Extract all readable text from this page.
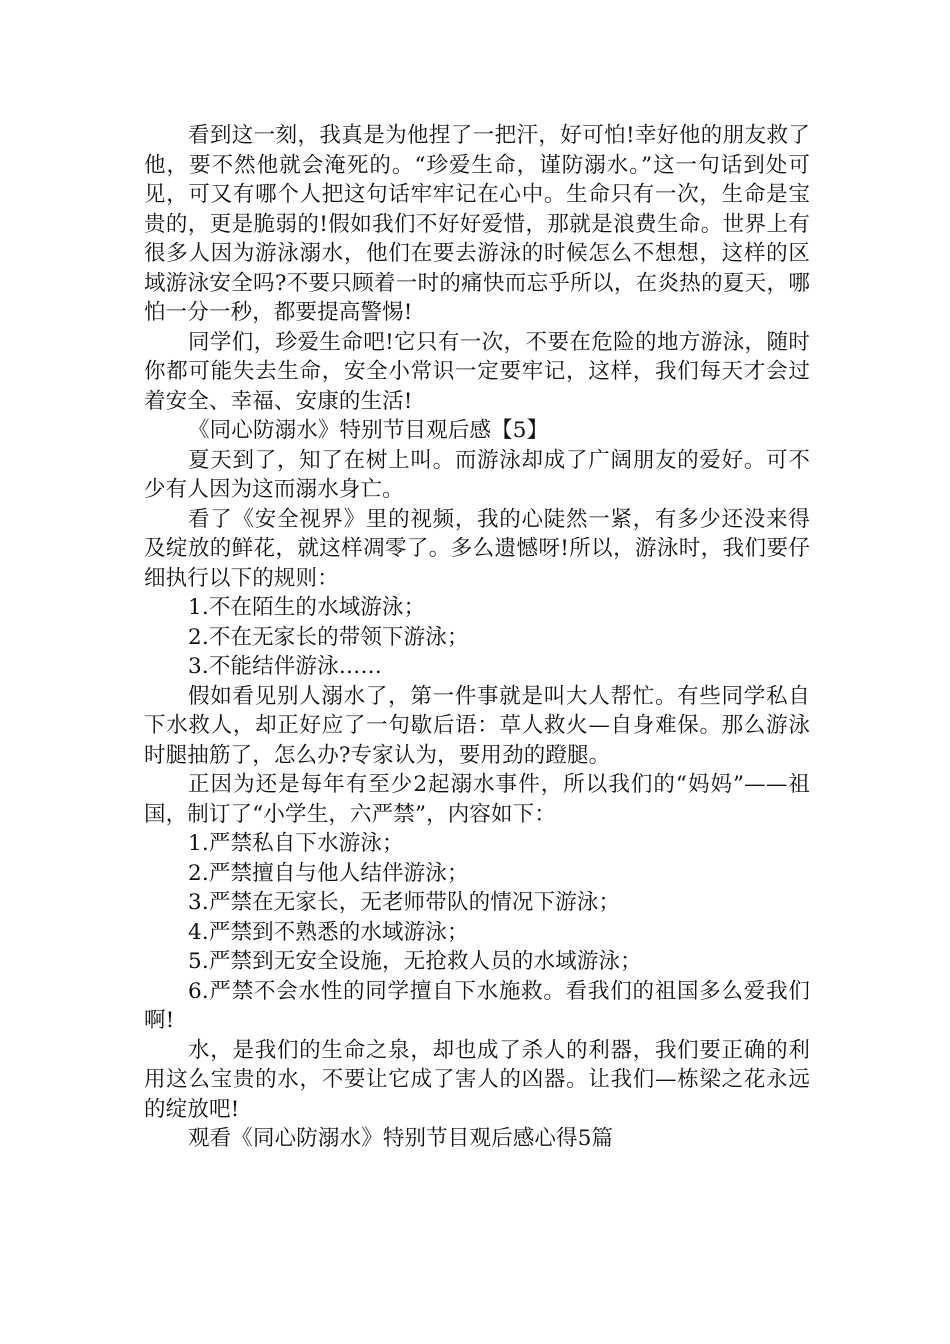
看到这一刻，我真是为他捏了一把汗，好可怕!幸好他的朋友救了他，要不然他就会淹死的。“珍爱生命，谨防溺水。”这一句话到处可见，可又有哪个人把这句话牢牢记在心中。生命只有一次，生命是宝贵的，更是脆弱的!假如我们不好好爱惜，那就是浪费生命。世界上有很多人因为游泳溺水，他们在要去游泳的时候怎么不想想，这样的区域游泳安全吗?不要只顾着一时的痛快而忘乎所以，在炎热的夏天，哪怕一分一秒，都要提高警惕!

同学们，珍爱生命吧!它只有一次，不要在危险的地方游泳，随时你都可能失去生命，安全小常识一定要牢记，这样，我们每天才会过着安全、幸福、安康的生活!

《同心防溺水》特别节目观后感【5】

夏天到了，知了在树上叫。而游泳却成了广阔朋友的爱好。可不少有人因为这而溺水身亡。

看了《安全视界》里的视频，我的心陡然一紧，有多少还没来得及绽放的鲜花，就这样凋零了。多么遗憾呀!所以，游泳时，我们要仔细执行以下的规则：

1.不在陌生的水域游泳；

2.不在无家长的带领下游泳；

3.不能结伴游泳……

假如看见别人溺水了，第一件事就是叫大人帮忙。有些同学私自下水救人，却正好应了一句歇后语：草人救火—自身难保。那么游泳时腿抽筋了，怎么办?专家认为，要用劲的蹬腿。

正因为还是每年有至少2起溺水事件，所以我们的“妈妈”——祖国，制订了“小学生，六严禁”，内容如下：

1.严禁私自下水游泳；

2.严禁擅自与他人结伴游泳；

3.严禁在无家长，无老师带队的情况下游泳；

4.严禁到不熟悉的水域游泳；

5.严禁到无安全设施，无抢救人员的水域游泳；

6.严禁不会水性的同学擅自下水施救。看我们的祖国多么爱我们啊!

水，是我们的生命之泉，却也成了杀人的利器，我们要正确的利用这么宝贵的水，不要让它成了害人的凶器。让我们—栋梁之花永远的绽放吧!

观看《同心防溺水》特别节目观后感心得5篇
